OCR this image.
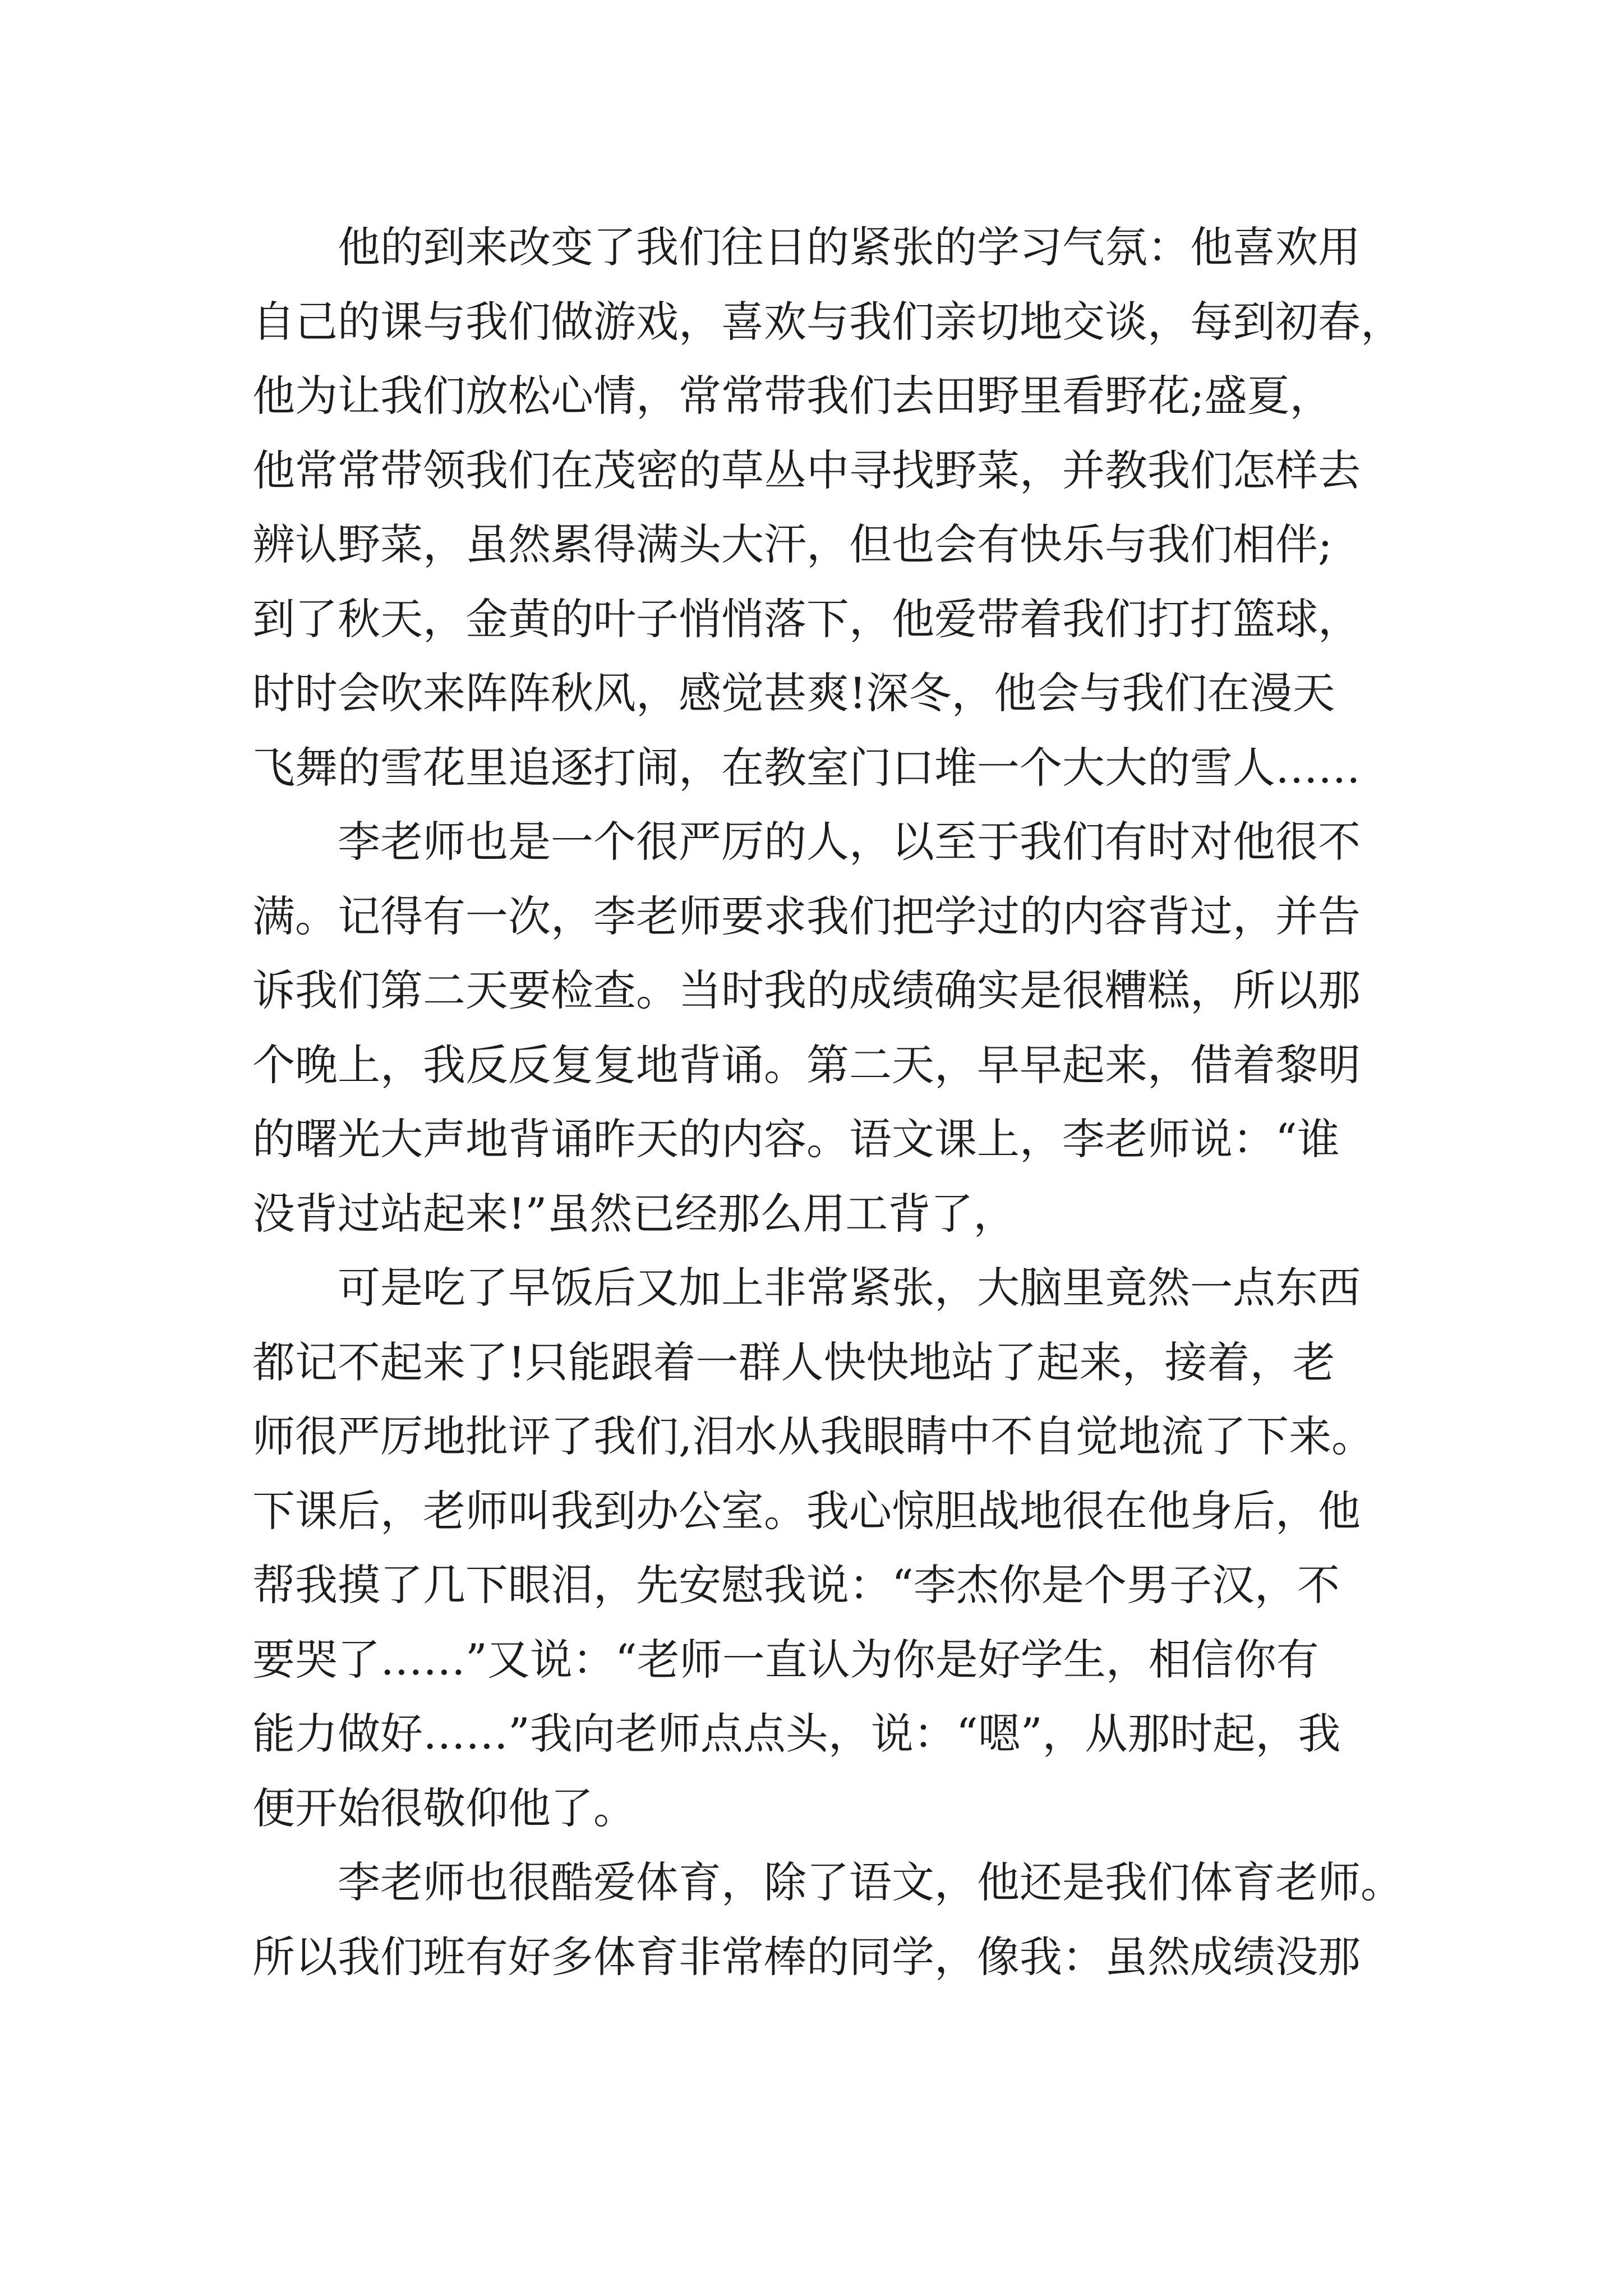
　　他的到来改变了我们往日的紧张的学习气氛：他喜欢用
自己的课与我们做游戏，喜欢与我们亲切地交谈，每到初春，
他为让我们放松心情，常常带我们去田野里看野花;盛夏，
他常常带领我们在茂密的草丛中寻找野菜，并教我们怎样去
辨认野菜，虽然累得满头大汗，但也会有快乐与我们相伴;
到了秋天，金黄的叶子悄悄落下，他爱带着我们打打篮球，
时时会吹来阵阵秋风，感觉甚爽!深冬，他会与我们在漫天
飞舞的雪花里追逐打闹，在教室门口堆一个大大的雪人……
　　李老师也是一个很严厉的人，以至于我们有时对他很不
满。记得有一次，李老师要求我们把学过的内容背过，并告
诉我们第二天要检查。当时我的成绩确实是很糟糕，所以那
个晚上，我反反复复地背诵。第二天，早早起来，借着黎明
的曙光大声地背诵昨天的内容。语文课上，李老师说：“谁
没背过站起来!”虽然已经那么用工背了，
　　可是吃了早饭后又加上非常紧张，大脑里竟然一点东西
都记不起来了!只能跟着一群人快快地站了起来，接着，老
师很严厉地批评了我们,泪水从我眼睛中不自觉地流了下来。
下课后，老师叫我到办公室。我心惊胆战地很在他身后，他
帮我摸了几下眼泪，先安慰我说：“李杰你是个男子汉，不
要哭了……”又说：“老师一直认为你是好学生，相信你有
能力做好……”我向老师点点头，说：“嗯”，从那时起，我
便开始很敬仰他了。
　　李老师也很酷爱体育，除了语文，他还是我们体育老师。
所以我们班有好多体育非常棒的同学，像我：虽然成绩没那
